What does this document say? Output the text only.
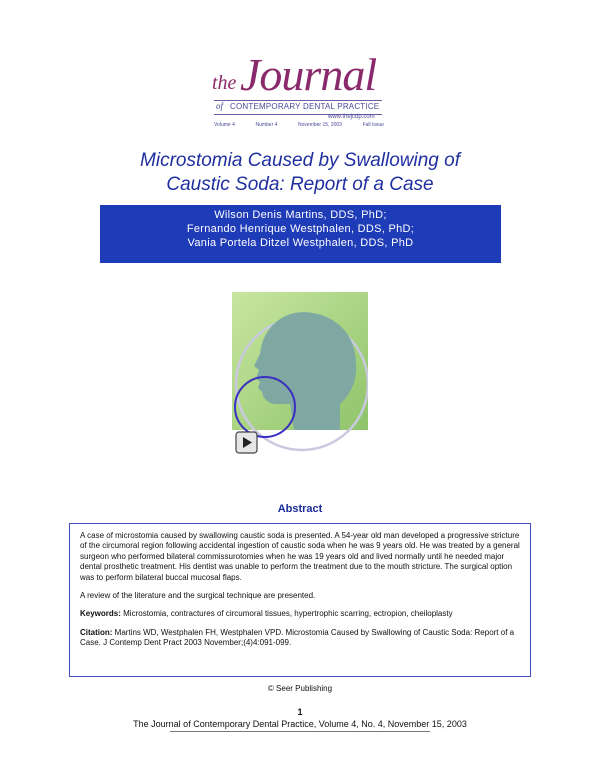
the Journal
of CONTEMPORARY DENTAL PRACTICE
www.thejcdp.com
Volume 4	Number 4	November 15, 2003	Fall Issue
Microstomia Caused by Swallowing of
Caustic Soda: Report of a Case
Wilson Denis Martins, DDS, PhD;
Fernando Henrique Westphalen, DDS, PhD;
Vania Portela Ditzel Westphalen, DDS, PhD
Abstract

A case of microstomia caused by swallowing caustic soda is presented. A 54-year old man developed a progressive stricture of the circumoral region following accidental ingestion of caustic soda when he was 9 years old. He was treated by a general surgeon who performed bilateral commissurotomies when he was 19 years old and lived normally until he needed major dental prosthetic treatment. His dentist was unable to perform the treatment due to the mouth stricture. The surgical option was to perform bilateral buccal mucosal flaps.

A review of the literature and the surgical technique are presented.

Keywords: Microstomia, contractures of circumoral tissues, hypertrophic scarring, ectropion, cheiloplasty

Citation: Martins WD, Westphalen FH, Westphalen VPD. Microstomia Caused by Swallowing of Caustic Soda: Report of a Case. J Contemp Dent Pract 2003 November;(4)4:091-099.

© Seer Publishing
1
The Journal of Contemporary Dental Practice, Volume 4, No. 4, November 15, 2003
